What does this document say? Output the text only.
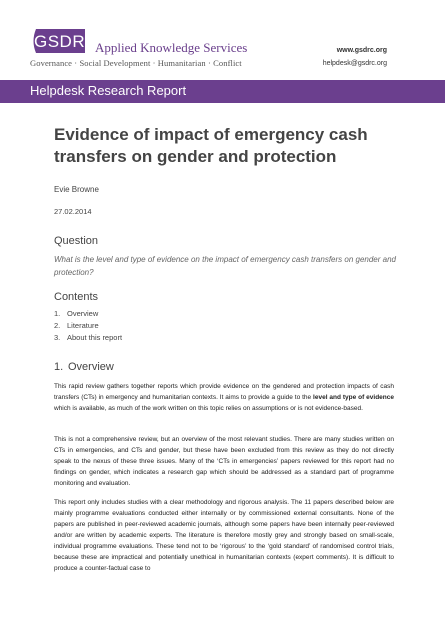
GSDRC
Applied Knowledge Services
Governance · Social Development · Humanitarian · Conflict
www.gsdrc.org
helpdesk@gsdrc.org
Helpdesk Research Report
Evidence of impact of emergency cash transfers on gender and protection
Evie Browne
27.02.2014
Question
What is the level and type of evidence on the impact of emergency cash transfers on gender and protection?
Contents
1. Overview
2. Literature
3. About this report
1. Overview
This rapid review gathers together reports which provide evidence on the gendered and protection impacts of cash transfers (CTs) in emergency and humanitarian contexts. It aims to provide a guide to the level and type of evidence which is available, as much of the work written on this topic relies on assumptions or is not evidence-based.
This is not a comprehensive review, but an overview of the most relevant studies. There are many studies written on CTs in emergencies, and CTs and gender, but these have been excluded from this review as they do not directly speak to the nexus of these three issues. Many of the ‘CTs in emergencies’ papers reviewed for this report had no findings on gender, which indicates a research gap which should be addressed as a standard part of programme monitoring and evaluation.
This report only includes studies with a clear methodology and rigorous analysis. The 11 papers described below are mainly programme evaluations conducted either internally or by commissioned external consultants. None of the papers are published in peer-reviewed academic journals, although some papers have been internally peer-reviewed and/or are written by academic experts. The literature is therefore mostly grey and strongly based on small-scale, individual programme evaluations. These tend not to be ‘rigorous’ to the ‘gold standard’ of randomised control trials, because these are impractical and potentially unethical in humanitarian contexts (expert comments). It is difficult to produce a counter-factual case to
